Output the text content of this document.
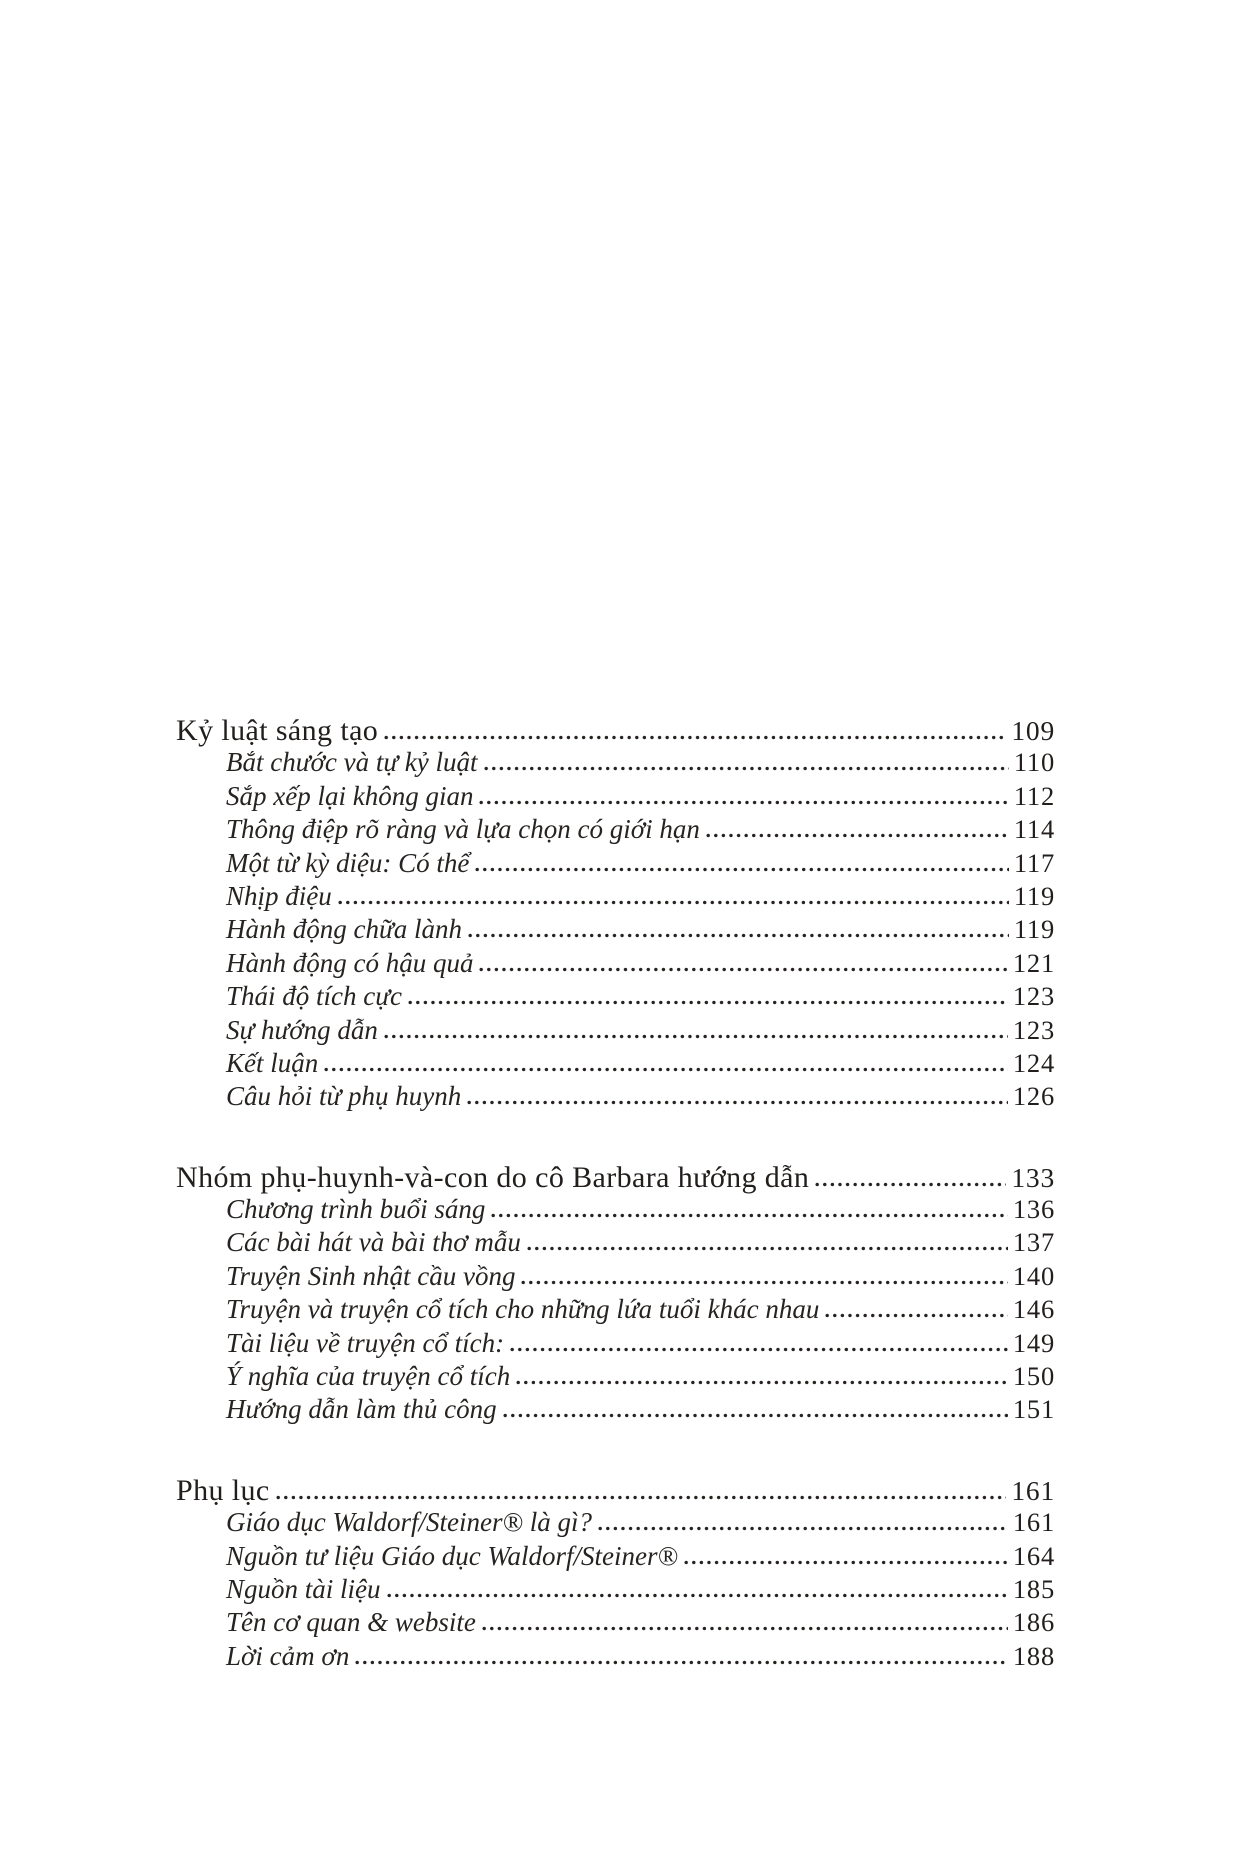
Kỷ luật sáng tạo	109
Bắt chước và tự kỷ luật	110
Sắp xếp lại không gian	112
Thông điệp rõ ràng và lựa chọn có giới hạn	114
Một từ kỳ diệu: Có thể	117
Nhịp điệu	119
Hành động chữa lành	119
Hành động có hậu quả	121
Thái độ tích cực	123
Sự hướng dẫn	123
Kết luận	124
Câu hỏi từ phụ huynh	126
Nhóm phụ-huynh-và-con do cô Barbara hướng dẫn	133
Chương trình buổi sáng	136
Các bài hát và bài thơ mẫu	137
Truyện Sinh nhật cầu vồng	140
Truyện và truyện cổ tích cho những lứa tuổi khác nhau	146
Tài liệu về truyện cổ tích:	149
Ý nghĩa của truyện cổ tích	150
Hướng dẫn làm thủ công	151
Phụ lục	161
Giáo dục Waldorf/Steiner® là gì?	161
Nguồn tư liệu Giáo dục Waldorf/Steiner®	164
Nguồn tài liệu	185
Tên cơ quan & website	186
Lời cảm ơn	188
